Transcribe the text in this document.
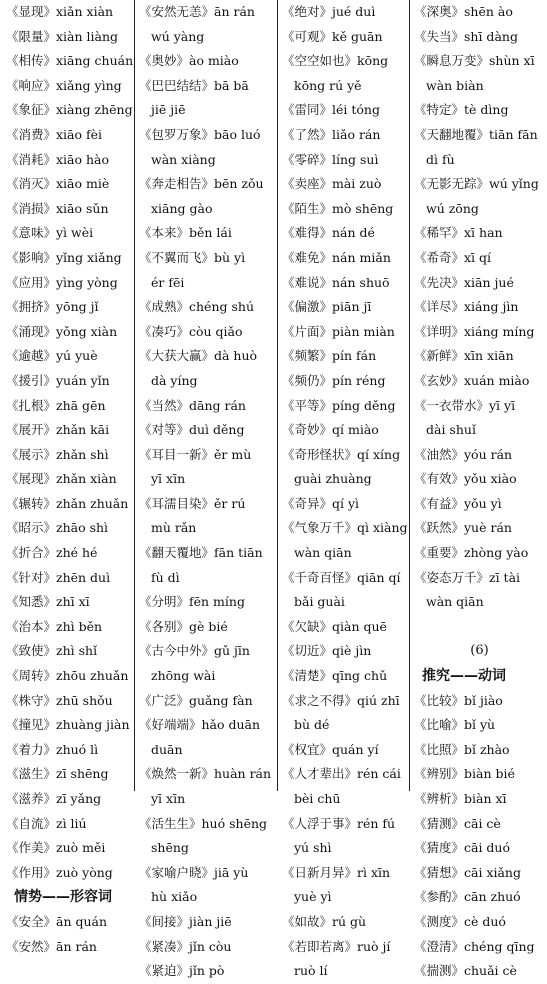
《显现》xiǎn xiàn
《限量》xiàn liàng
《相传》xiāng chuán
《响应》xiǎng yìng
《象征》xiàng zhēng
《消费》xiāo fèi
《消耗》xiāo hào
《消灭》xiāo miè
《消损》xiāo sǔn
《意味》yì wèi
《影响》yǐng xiǎng
《应用》yìng yòng
《拥挤》yōng jǐ
《涌现》yǒng xiàn
《逾越》yú yuè
《援引》yuán yǐn
《扎根》zhā gēn
《展开》zhǎn kāi
《展示》zhǎn shì
《展现》zhǎn xiàn
《辗转》zhǎn zhuǎn
《昭示》zhāo shì
《折合》zhé hé
《针对》zhēn duì
《知悉》zhī xī
《治本》zhì běn
《致使》zhì shǐ
《周转》zhōu zhuǎn
《株守》zhū shǒu
《撞见》zhuàng jiàn
《着力》zhuó lì
《滋生》zī shēng
《滋养》zī yǎng
《自流》zì liú
《作美》zuò měi
《作用》zuò yòng
情势——形容词
《安全》ān quán
《安然》ān rán
《安然无恙》ān rán
wú yàng
《奥妙》ào miào
《巴巴结结》bā bā
jiē jiē
《包罗万象》bāo luó
wàn xiàng
《奔走相告》bēn zǒu
xiāng gào
《本来》běn lái
《不翼而飞》bù yì
ér fēi
《成熟》chéng shú
《凑巧》còu qiǎo
《大获大赢》dà huò
dà yíng
《当然》dāng rán
《对等》duì děng
《耳目一新》ěr mù
yī xīn
《耳濡目染》ěr rú
mù rǎn
《翻天覆地》fān tiān
fù dì
《分明》fēn míng
《各别》gè bié
《古今中外》gǔ jīn
zhōng wài
《广泛》guǎng fàn
《好端端》hǎo duān
duān
《焕然一新》huàn rán
yī xīn
《活生生》huó shēng
shēng
《家喻户晓》jiā yù
hù xiǎo
《间接》jiàn jiē
《紧凑》jǐn còu
《紧迫》jǐn pò
《绝对》jué duì
《可观》kě guān
《空空如也》kōng
kōng rú yě
《雷同》léi tóng
《了然》liǎo rán
《零碎》líng suì
《卖座》mài zuò
《陌生》mò shēng
《难得》nán dé
《难免》nán miǎn
《难说》nán shuō
《偏激》piān jī
《片面》piàn miàn
《频繁》pín fán
《频仍》pín réng
《平等》píng děng
《奇妙》qí miào
《奇形怪状》qí xíng
guài zhuàng
《奇异》qí yì
《气象万千》qì xiàng
wàn qiān
《千奇百怪》qiān qí
bǎi guài
《欠缺》qiàn quē
《切近》qiè jìn
《清楚》qīng chǔ
《求之不得》qiú zhī
bù dé
《权宜》quán yí
《人才辈出》rén cái
bèi chū
《人浮于事》rén fú
yú shì
《日新月异》rì xīn
yuè yì
《如故》rú gù
《若即若离》ruò jí
ruò lí
《深奥》shēn ào
《失当》shī dàng
《瞬息万变》shùn xī
wàn biàn
《特定》tè dìng
《天翻地覆》tiān fān
dì fù
《无影无踪》wú yǐng
wú zōng
《稀罕》xī han
《希奇》xī qí
《先决》xiān jué
《详尽》xiáng jìn
《详明》xiáng míng
《新鲜》xīn xiān
《玄妙》xuán miào
《一衣带水》yī yī
dài shuǐ
《油然》yóu rán
《有效》yǒu xiào
《有益》yǒu yì
《跃然》yuè rán
《重要》zhòng yào
《姿态万千》zī tài
wàn qiān
(6)
推究——动词
《比较》bǐ jiào
《比喻》bǐ yù
《比照》bǐ zhào
《辨别》biàn bié
《辨析》biàn xī
《猜测》cāi cè
《猜度》cāi duó
《猜想》cāi xiǎng
《参酌》cān zhuó
《测度》cè duó
《澄清》chéng qīng
《揣测》chuǎi cè
